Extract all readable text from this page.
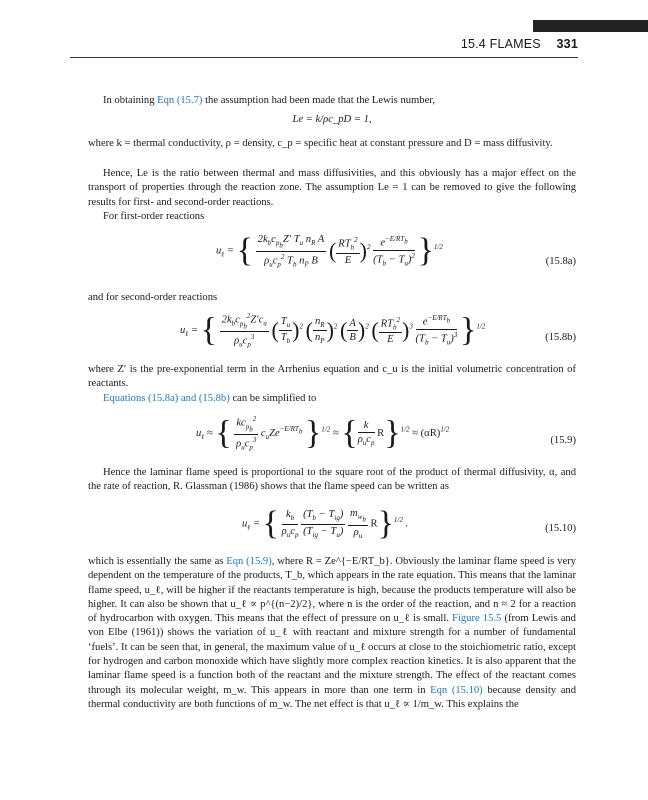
15.4 FLAMES 331
In obtaining Eqn (15.7) the assumption had been made that the Lewis number,
Le = k/ρc_pD = 1,
where k = thermal conductivity, ρ = density, c_p = specific heat at constant pressure and D = mass diffusivity.
Hence, Le is the ratio between thermal and mass diffusivities, and this obviously has a major effect on the transport of properties through the reaction zone. The assumption Le = 1 can be removed to give the following results for first- and second-order reactions.
For first-order reactions
$u_\ell$ = { $\frac{2k_bc_{p_b}Z' T_u n_R A}{\rho_uc_p^2 T_b n_P B}$ ( $\frac{RT_b^2}{E} )^2 \frac{e^{-E/RT_b}}{(T_b - T_u)^2} \}^{1/2}$
(15.8a)
and for second-order reactions
$u_\ell$ = { $\frac{2k_bc_{p_b}^2Z'c_u}{\rho_uc_p^3}$ ( $\frac{T_u}{T_b} )^2$ ( $\frac{n_R}{n_P} )^2$ ( $\frac{A}{B} )^2$ ( $\frac{RT_b^2}{E} )^3 \frac{e^{-E/RT_b}}{(T_b - T_u)^3} \}^{1/2}$
(15.8b)
where Z′ is the pre-exponential term in the Arrhenius equation and c_u is the initial volumetric concentration of reactants.
Equations (15.8a) and (15.8b) can be simplified to
$u_\ell$ ≈ { $\frac{kc_{p_b}^2}{\rho_uc_p^3} c_uZe^{-E/RT_b}$ }$^{1/2}$ ≈ { $\frac{k}{\rho_uc_p} R\}^{1/2} \approx (\alpha R)^{1/2}$
(15.9)
Hence the laminar flame speed is proportional to the square root of the product of thermal diffusivity, α, and the rate of reaction, R. Glassman (1986) shows that the flame speed can be written as
$u_\ell$ = { $\frac{k_b}{\rho_uc_p}$
$\frac{(T_b - T_{ig})}{(T_{ig} - T_u)}$
$\frac{m_{w_b}}{\rho_u} R\}^{1/2}$ .	(15.10)
which is essentially the same as Eqn (15.9), where R = Ze^{−E/RT_b}. Obviously the laminar flame speed is very dependent on the temperature of the products, T_b, which appears in the rate equation. This means that the laminar flame speed, u_ℓ, will be higher if the reactants temperature is high, because the products temperature will also be higher. It can also be shown that u_ℓ ∝ p^{(n−2)/2}, where n is the order of the reaction, and n ≈ 2 for a reaction of hydrocarbon with oxygen. This means that the effect of pressure on u_ℓ is small. Figure 15.5 (from Lewis and von Elbe (1961)) shows the variation of u_ℓ with reactant and mixture strength for a number of fundamental ‘fuels’. It can be seen that, in general, the maximum value of u_ℓ occurs at close to the stoichiometric ratio, except for hydrogen and carbon monoxide which have slightly more complex reaction kinetics. It is also apparent that the laminar flame speed is a function both of the reactant and the mixture strength. The effect of the reactant comes through its molecular weight, m_w. This appears in more than one term in Eqn (15.10) because density and thermal conductivity are both functions of m_w. The net effect is that u_ℓ ∝ 1/m_w. This explains the
